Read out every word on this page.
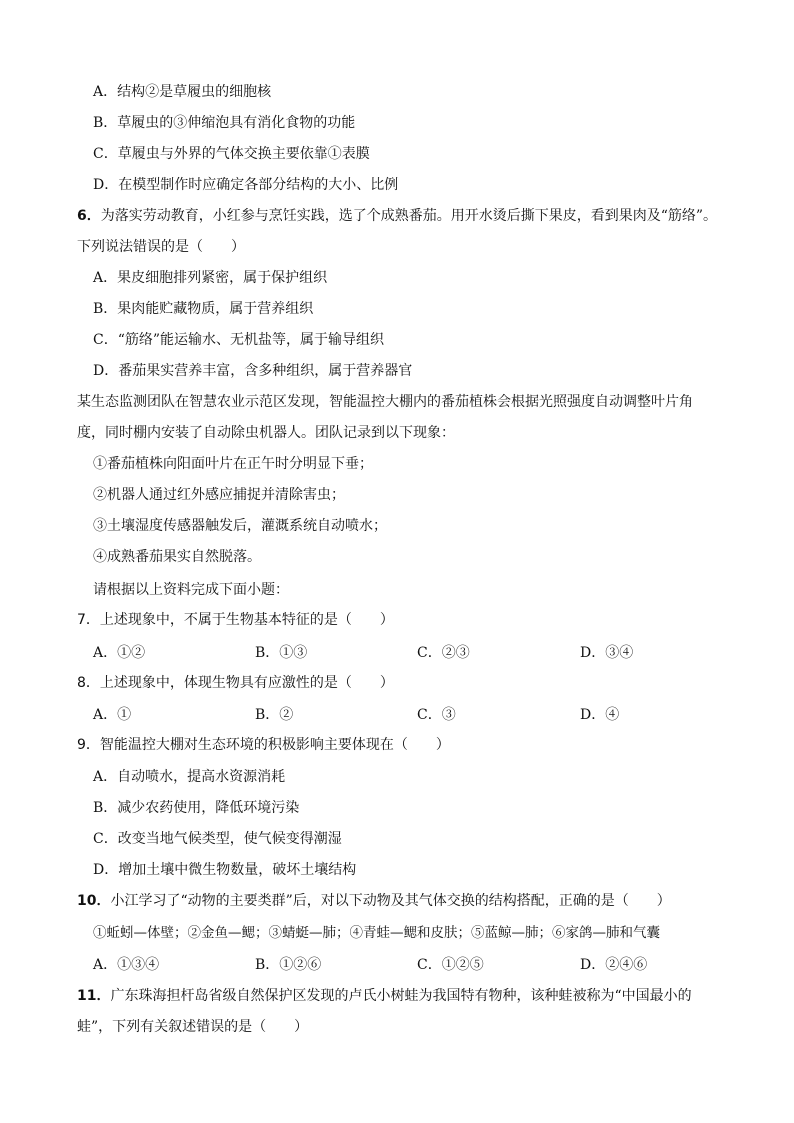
A．结构②是草履虫的细胞核
B．草履虫的③伸缩泡具有消化食物的功能
C．草履虫与外界的气体交换主要依靠①表膜
D．在模型制作时应确定各部分结构的大小、比例
6．为落实劳动教育，小红参与烹饪实践，选了个成熟番茄。用开水烫后撕下果皮，看到果肉及“筋络”。
下列说法错误的是（　　）
A．果皮细胞排列紧密，属于保护组织
B．果肉能贮藏物质，属于营养组织
C．“筋络”能运输水、无机盐等，属于输导组织
D．番茄果实营养丰富，含多种组织，属于营养器官
某生态监测团队在智慧农业示范区发现，智能温控大棚内的番茄植株会根据光照强度自动调整叶片角
度，同时棚内安装了自动除虫机器人。团队记录到以下现象：
①番茄植株向阳面叶片在正午时分明显下垂；
②机器人通过红外感应捕捉并清除害虫；
③土壤湿度传感器触发后，灌溉系统自动喷水；
④成熟番茄果实自然脱落。
请根据以上资料完成下面小题：
7．上述现象中，不属于生物基本特征的是（　　）
A．①②	B．①③	C．②③	D．③④
8．上述现象中，体现生物具有应激性的是（　　）
A．①	B．②	C．③	D．④
9．智能温控大棚对生态环境的积极影响主要体现在（　　）
A．自动喷水，提高水资源消耗
B．减少农药使用，降低环境污染
C．改变当地气候类型，使气候变得潮湿
D．增加土壤中微生物数量，破坏土壤结构
10．小江学习了“动物的主要类群”后，对以下动物及其气体交换的结构搭配，正确的是（　　）
①蚯蚓—体壁；②金鱼—鳃；③蜻蜓—肺；④青蛙—鳃和皮肤；⑤蓝鲸—肺；⑥家鸽—肺和气囊
A．①③④	B．①②⑥	C．①②⑤	D．②④⑥
11．广东珠海担杆岛省级自然保护区发现的卢氏小树蛙为我国特有物种，该种蛙被称为“中国最小的
蛙”，下列有关叙述错误的是（　　）
